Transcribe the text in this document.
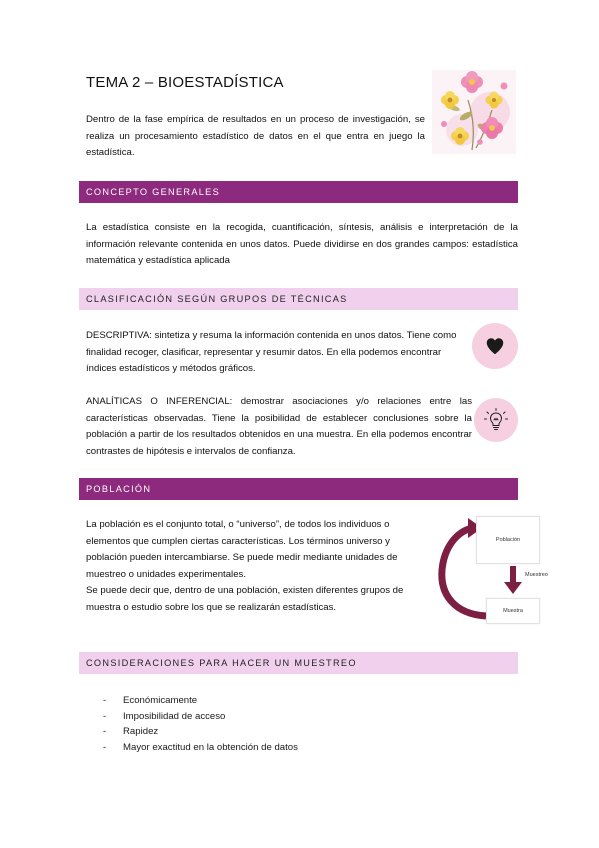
TEMA 2 – BIOESTADÍSTICA
Dentro de la fase empírica de resultados en un proceso de investigación, se realiza un procesamiento estadístico de datos en el que entra en juego la estadística.
CONCEPTO GENERALES
La estadística consiste en la recogida, cuantificación, síntesis, análisis e interpretación de la información relevante contenida en unos datos. Puede dividirse en dos grandes campos: estadística matemática y estadística aplicada
CLASIFICACIÓN SEGÚN GRUPOS DE TÉCNICAS
DESCRIPTIVA: sintetiza y resuma la información contenida en unos datos. Tiene como finalidad recoger, clasificar, representar y resumir datos. En ella podemos encontrar índices estadísticos y métodos gráficos.
ANALÍTICAS O INFERENCIAL: demostrar asociaciones y/o relaciones entre las características observadas. Tiene la posibilidad de establecer conclusiones sobre la población a partir de los resultados obtenidos en una muestra. En ella podemos encontrar contrastes de hipótesis e intervalos de confianza.
POBLACIÓN
La población es el conjunto total, o “universo”, de todos los individuos o elementos que cumplen ciertas características. Los términos universo y población pueden intercambiarse. Se puede medir mediante unidades de muestreo o unidades experimentales.
Se puede decir que, dentro de una población, existen diferentes grupos de muestra o estudio sobre los que se realizarán estadísticas.
Población
Muestra
Muestreo
Inferencia
CONSIDERACIONES PARA HACER UN MUESTREO
- Económicamente
- Imposibilidad de acceso
- Rapidez
- Mayor exactitud en la obtención de datos
